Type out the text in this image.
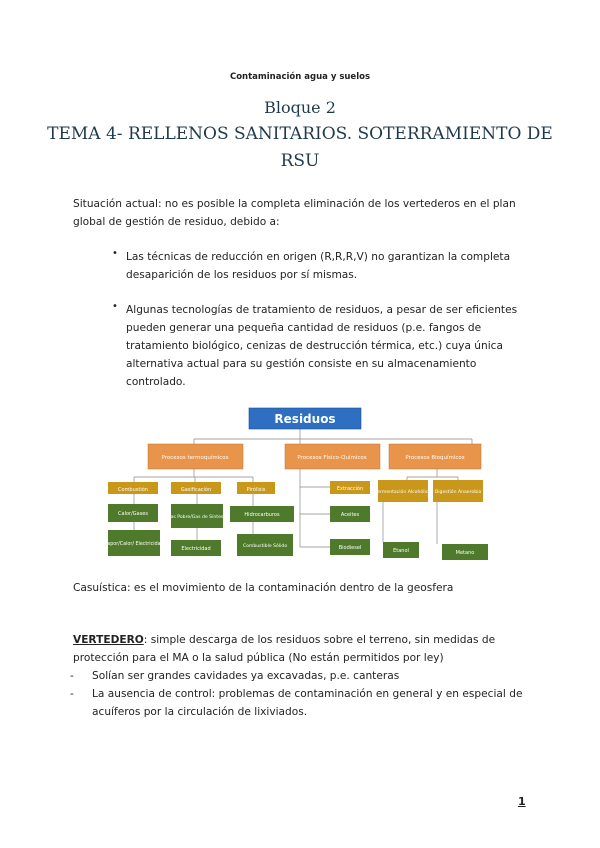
Contaminación agua y suelos
Bloque 2
TEMA 4- RELLENOS SANITARIOS. SOTERRAMIENTO DE RSU
Situación actual: no es posible la completa eliminación de los vertederos en el plan global de gestión de residuo, debido a:
• Las técnicas de reducción en origen (R,R,R,V) no garantizan la completa desaparición de los residuos por sí mismas.
• Algunas tecnologías de tratamiento de residuos, a pesar de ser eficientes pueden generar una pequeña cantidad de residuos (p.e. fangos de tratamiento biológico, cenizas de destrucción térmica, etc.) cuya única alternativa actual para su gestión consiste en su almacenamiento controlado.
Residuos
Procesos termoquímicos	Procesos Físico-Químicos	Procesos Bioquímicos
Combustión	Gasificación	Pirólisis
Calor/Gases
Vapor/Calor/ Electricidad
Gas Pobre/Gas de Síntesis
Electricidad
Hidrocarburos
Combustible Sólido
Extracción
Aceites
Biodiesel
Fermentación Alcohólica Digestión Anaerobia
Etanol	Metano
Casuística: es el movimiento de la contaminación dentro de la geosfera
VERTEDERO: simple descarga de los residuos sobre el terreno, sin medidas de protección para el MA o la salud pública (No están permitidos por ley)
- Solían ser grandes cavidades ya excavadas, p.e. canteras
- La ausencia de control: problemas de contaminación en general y en especial de acuíferos por la circulación de lixiviados.
1
